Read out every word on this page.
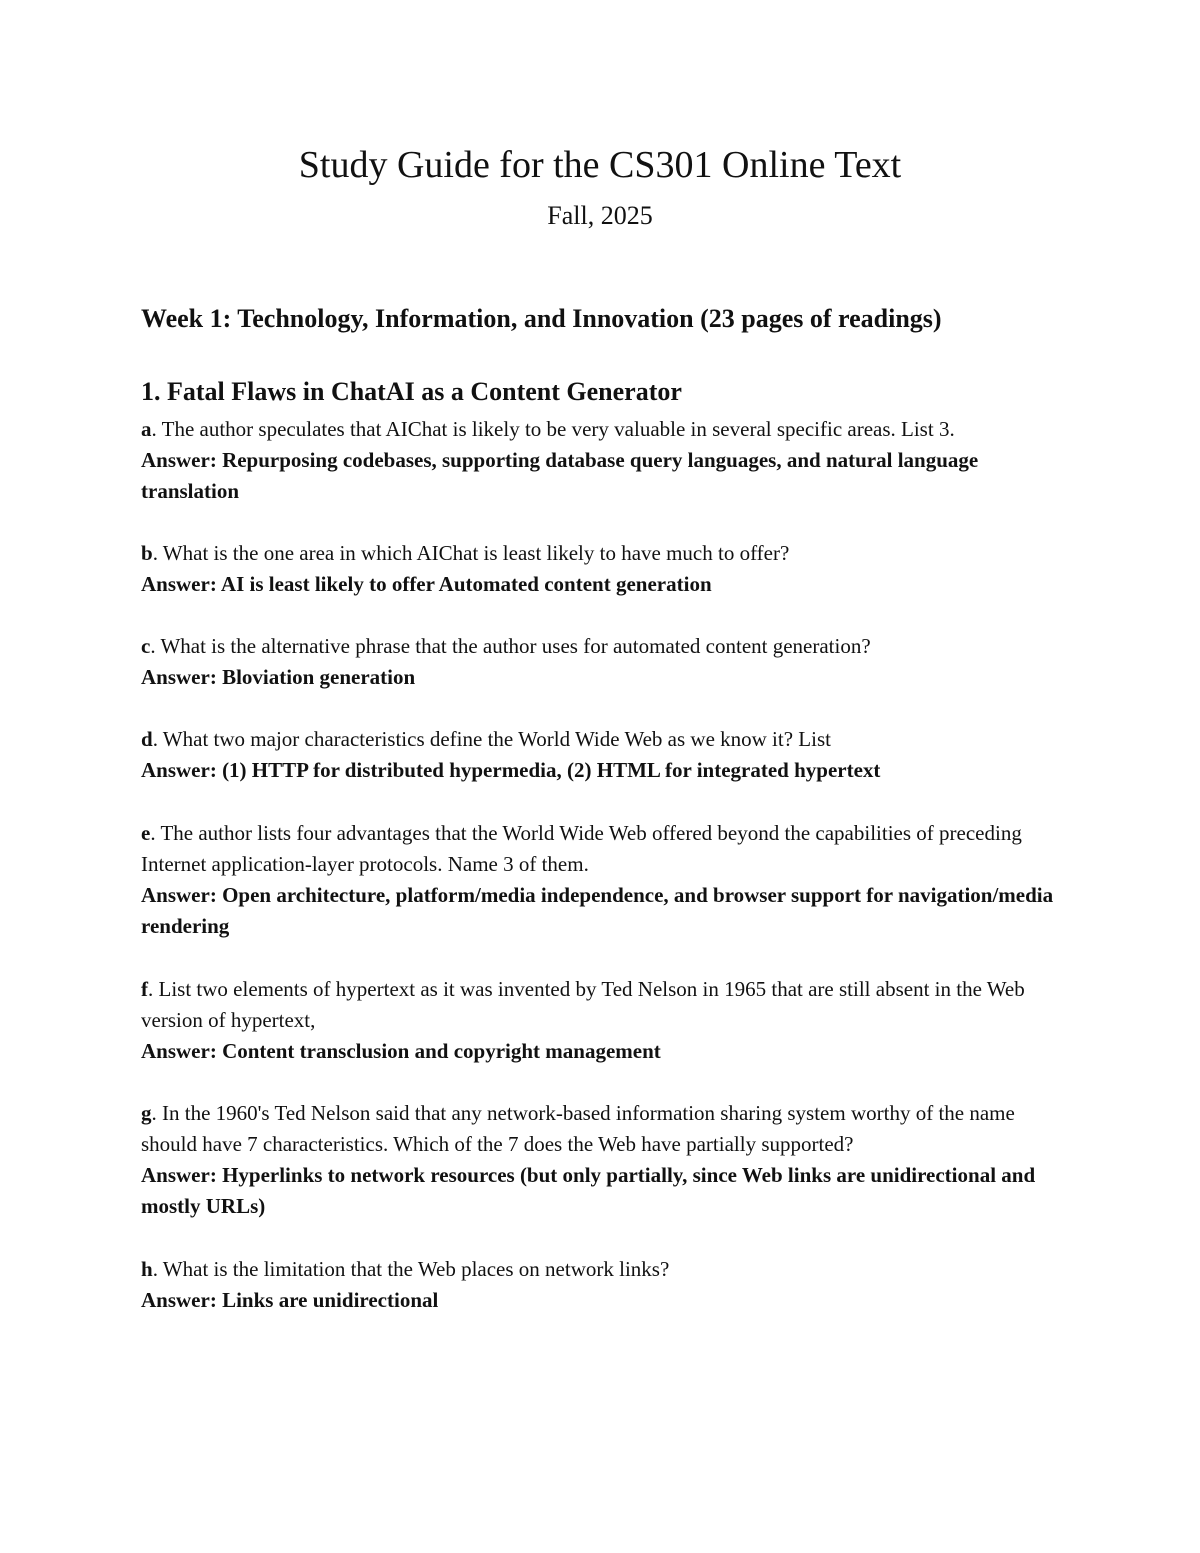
Study Guide for the CS301 Online Text
Fall, 2025
Week 1: Technology, Information, and Innovation (23 pages of readings)
1. Fatal Flaws in ChatAI as a Content Generator

a. The author speculates that AIChat is likely to be very valuable in several specific areas. List 3.

Answer: Repurposing codebases, supporting database query languages, and natural language translation

b. What is the one area in which AIChat is least likely to have much to offer?

Answer: AI is least likely to offer Automated content generation

c. What is the alternative phrase that the author uses for automated content generation?

Answer: Bloviation generation

d. What two major characteristics define the World Wide Web as we know it? List

Answer: (1) HTTP for distributed hypermedia, (2) HTML for integrated hypertext

e. The author lists four advantages that the World Wide Web offered beyond the capabilities of preceding Internet application-layer protocols. Name 3 of them.

Answer: Open architecture, platform/media independence, and browser support for navigation/media rendering

f. List two elements of hypertext as it was invented by Ted Nelson in 1965 that are still absent in the Web version of hypertext,

Answer: Content transclusion and copyright management

g. In the 1960's Ted Nelson said that any network-based information sharing system worthy of the name should have 7 characteristics. Which of the 7 does the Web have partially supported?

Answer: Hyperlinks to network resources (but only partially, since Web links are unidirectional and mostly URLs)

h. What is the limitation that the Web places on network links?

Answer: Links are unidirectional
